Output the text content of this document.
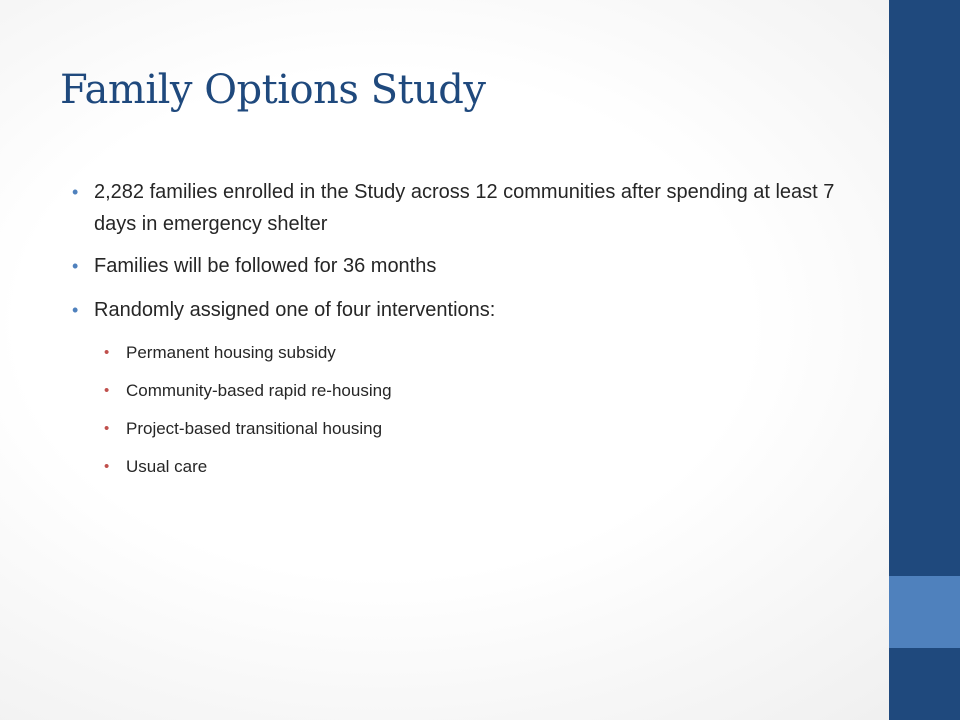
Family Options Study
• 2,282 families enrolled in the Study across 12 communities after spending at least 7 days in emergency shelter
• Families will be followed for 36 months
• Randomly assigned one of four interventions:
• Permanent housing subsidy
• Community-based rapid re-housing
• Project-based transitional housing
• Usual care
